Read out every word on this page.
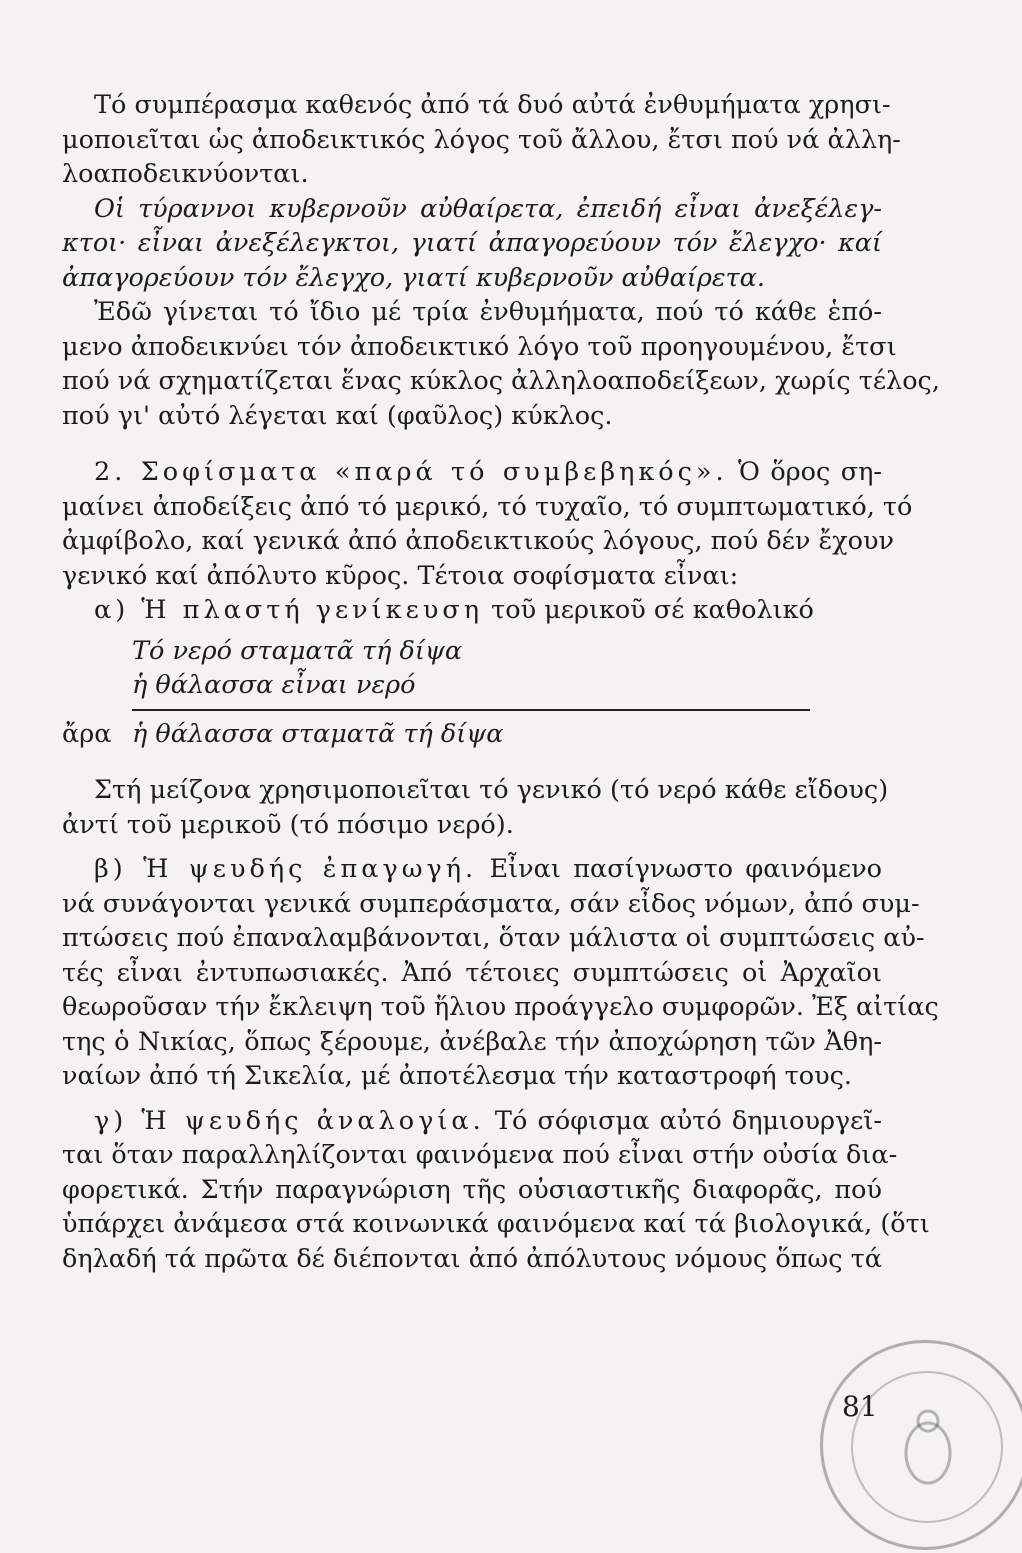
Τό συμπέρασμα καθενός ἀπό τά δυό αὐτά ἐνθυμήματα χρησι-
μοποιεῖται ὡς ἀποδεικτικός λόγος τοῦ ἄλλου, ἔτσι πού νά ἀλλη-
λοαποδεικνύονται.
Οἱ τύραννοι κυβερνοῦν αὐθαίρετα, ἐπειδή εἶναι ἀνεξέλεγ-
κτοι· εἶναι ἀνεξέλεγκτοι, γιατί ἀπαγορεύουν τόν ἔλεγχο· καί
ἀπαγορεύουν τόν ἔλεγχο, γιατί κυβερνοῦν αὐθαίρετα.
Ἐδῶ γίνεται τό ἴδιο μέ τρία ἐνθυμήματα, πού τό κάθε ἑπό-
μενο ἀποδεικνύει τόν ἀποδεικτικό λόγο τοῦ προηγουμένου, ἔτσι
πού νά σχηματίζεται ἕνας κύκλος ἀλληλοαποδείξεων, χωρίς τέλος,
πού γι' αὐτό λέγεται καί (φαῦλος) κύκλος.
2. Σοφίσματα «παρά τό συμβεβηκός». Ὁ ὅρος ση-
μαίνει ἀποδείξεις ἀπό τό μερικό, τό τυχαῖο, τό συμπτωματικό, τό
ἀμφίβολο, καί γενικά ἀπό ἀποδεικτικούς λόγους, πού δέν ἔχουν
γενικό καί ἀπόλυτο κῦρος. Τέτοια σοφίσματα εἶναι:
α) Ἡ πλαστή γενίκευση τοῦ μερικοῦ σέ καθολικό
Τό νερό σταματᾶ τή δίψα
ἡ θάλασσα εἶναι νερό
ἄρα ἡ θάλασσα σταματᾶ τή δίψα
Στή μείζονα χρησιμοποιεῖται τό γενικό (τό νερό κάθε εἴδους)
ἀντί τοῦ μερικοῦ (τό πόσιμο νερό).
β) Ἡ ψευδής ἐπαγωγή. Εἶναι πασίγνωστο φαινόμενο
νά συνάγονται γενικά συμπεράσματα, σάν εἶδος νόμων, ἀπό συμ-
πτώσεις πού ἐπαναλαμβάνονται, ὅταν μάλιστα οἱ συμπτώσεις αὐ-
τές εἶναι ἐντυπωσιακές. Ἀπό τέτοιες συμπτώσεις οἱ Ἀρχαῖοι
θεωροῦσαν τήν ἔκλειψη τοῦ ἥλιου προάγγελο συμφορῶν. Ἐξ αἰτίας
της ὁ Νικίας, ὅπως ξέρουμε, ἀνέβαλε τήν ἀποχώρηση τῶν Ἀθη-
ναίων ἀπό τή Σικελία, μέ ἀποτέλεσμα τήν καταστροφή τους.
γ) Ἡ ψευδής ἀναλογία. Τό σόφισμα αὐτό δημιουργεῖ-
ται ὅταν παραλληλίζονται φαινόμενα πού εἶναι στήν οὐσία δια-
φορετικά. Στήν παραγνώριση τῆς οὐσιαστικῆς διαφορᾶς, πού
ὑπάρχει ἀνάμεσα στά κοινωνικά φαινόμενα καί τά βιολογικά, (ὅτι
δηλαδή τά πρῶτα δέ διέπονται ἀπό ἀπόλυτους νόμους ὅπως τά
81
